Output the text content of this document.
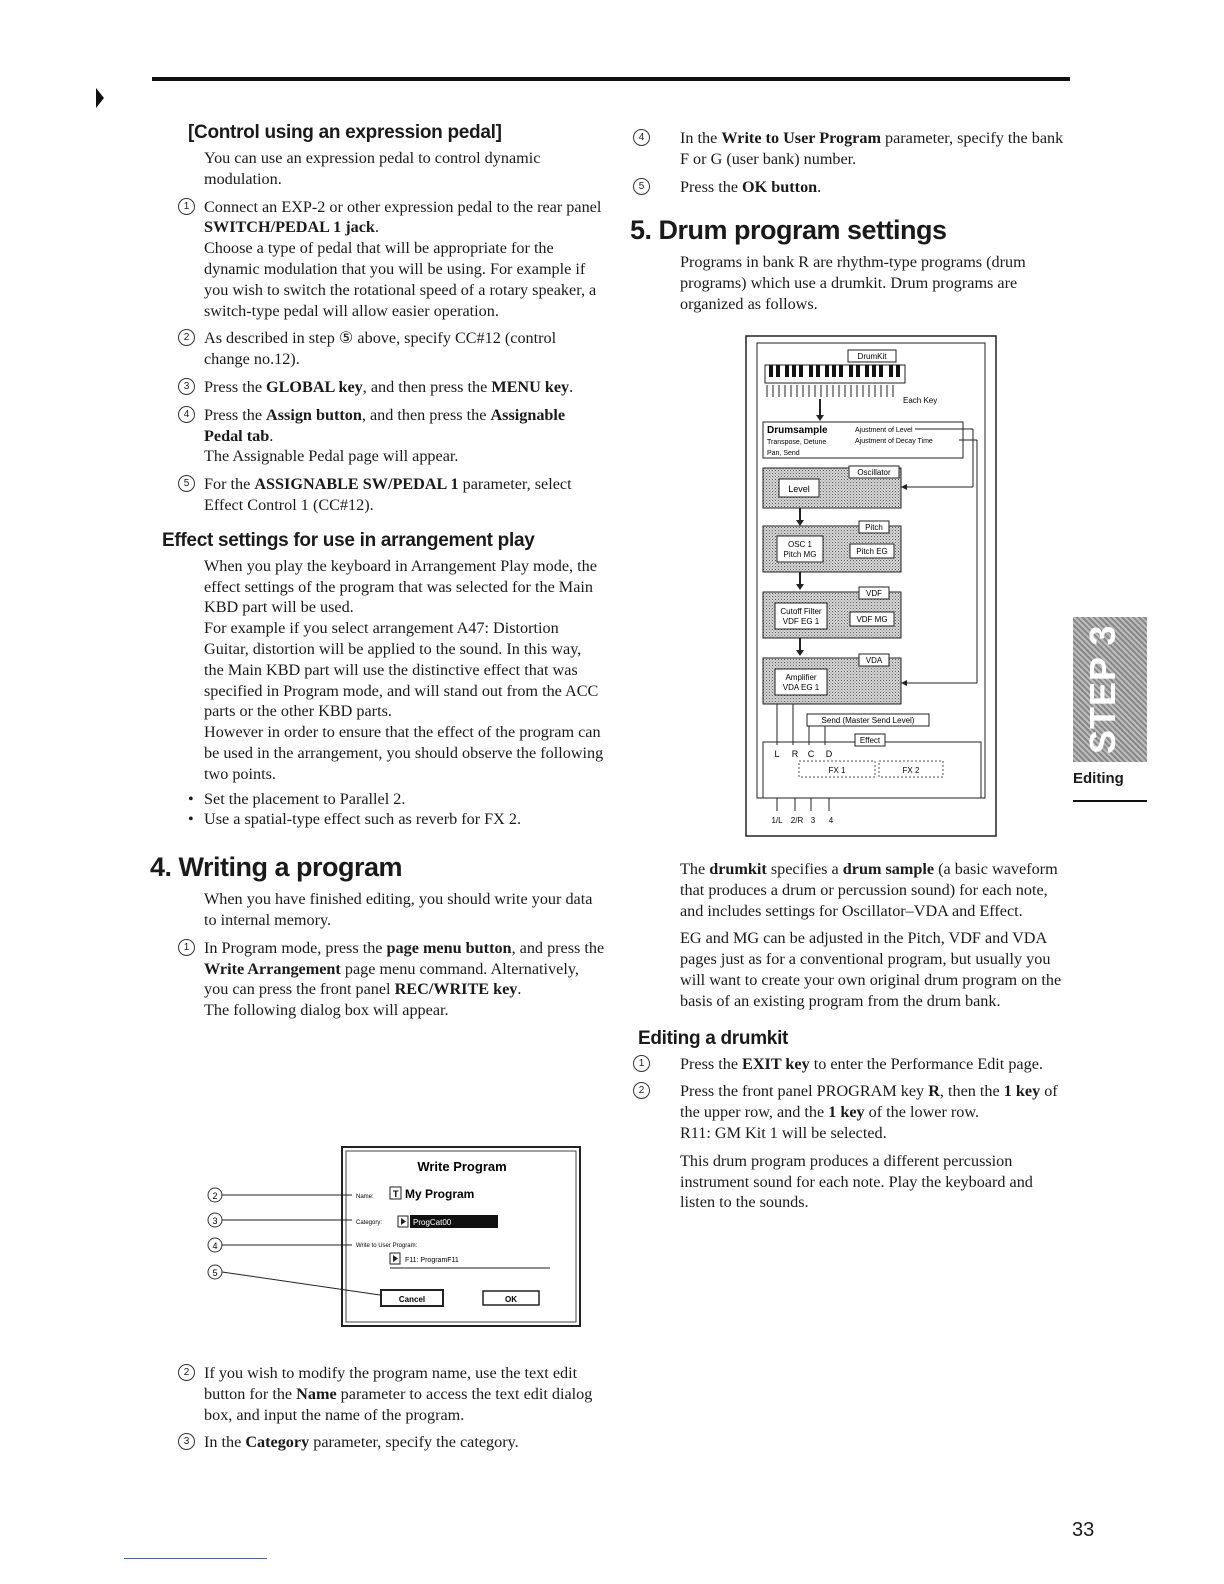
[Control using an expression pedal]

You can use an expression pedal to control dynamic modulation.

1 Connect an EXP-2 or other expression pedal to the rear panel SWITCH/PEDAL 1 jack.
Choose a type of pedal that will be appropriate for the dynamic modulation that you will be using. For example if you wish to switch the rotational speed of a rotary speaker, a switch-type pedal will allow easier operation.
2 As described in step ⑤ above, specify CC#12 (control change no.12).
3 Press the GLOBAL key, and then press the MENU key.
4 Press the Assign button, and then press the Assignable Pedal tab.
The Assignable Pedal page will appear.
5 For the ASSIGNABLE SW/PEDAL 1 parameter, select Effect Control 1 (CC#12).
Effect settings for use in arrangement play

When you play the keyboard in Arrangement Play mode, the effect settings of the program that was selected for the Main KBD part will be used.

For example if you select arrangement A47: Distortion Guitar, distortion will be applied to the sound. In this way, the Main KBD part will use the distinctive effect that was specified in Program mode, and will stand out from the ACC parts or the other KBD parts.

However in order to ensure that the effect of the program can be used in the arrangement, you should observe the following two points.

• Set the placement to Parallel 2.
• Use a spatial-type effect such as reverb for FX 2.
4. Writing a program

When you have finished editing, you should write your data to internal memory.

1 In Program mode, press the page menu button, and press the Write Arrangement page menu command. Alternatively, you can press the front panel REC/WRITE key.
The following dialog box will appear.
Write Program
2
3
4
5
Name: T My Program
Category:	ProgCat00
Write to User Program:
F11: ProgramF11
Cancel	OK
2 If you wish to modify the program name, use the text edit button for the Name parameter to access the text edit dialog box, and input the name of the program.
3 In the Category parameter, specify the category.
4	In the Write to User Program parameter, specify the bank F or G (user bank) number.
5	Press the OK button.
5. Drum program settings

Programs in bank R are rhythm-type programs (drum programs) which use a drumkit. Drum programs are organized as follows.

DrumKit
Each Key
Drumsample
Transpose, Detune
Pan, Send
Ajustment of Level
Ajustment of Decay Time
Oscillator
Level
Pitch
OSC 1
Pitch MG	Pitch EG
VDF
Cutoff Filter
VDF EG 1	VDF MG
VDA
Amplifier
VDA EG 1
Send (Master Send Level)
Effect
L R C D
FX 1	FX 2
1/L 2/R 3 4

The drumkit specifies a drum sample (a basic waveform that produces a drum or percussion sound) for each note, and includes settings for Oscillator–VDA and Effect.

EG and MG can be adjusted in the Pitch, VDF and VDA pages just as for a conventional program, but usually you will want to create your own original drum program on the basis of an existing program from the drum bank.

Editing a drumkit
1	Press the EXIT key to enter the Performance Edit page.
2	Press the front panel PROGRAM key R, then the 1 key of the upper row, and the 1 key of the lower row.
R11: GM Kit 1 will be selected.

This drum program produces a different percussion instrument sound for each note. Play the keyboard and listen to the sounds.

STEP 3
Editing
33
